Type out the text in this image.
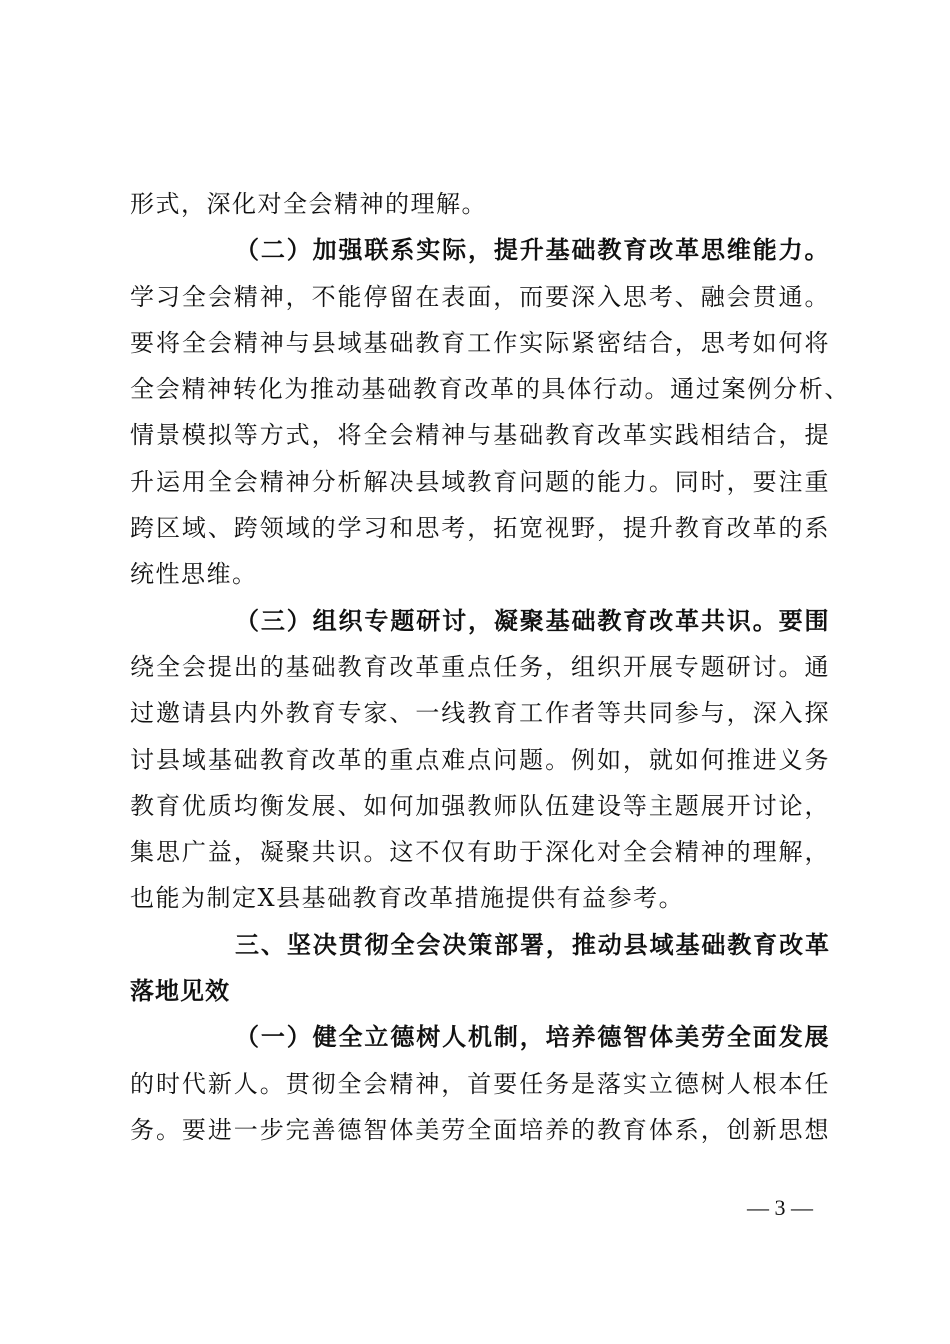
形式，深化对全会精神的理解。
（二）加强联系实际，提升基础教育改革思维能力。
学习全会精神，不能停留在表面，而要深入思考、融会贯通。
要将全会精神与县域基础教育工作实际紧密结合，思考如何将
全会精神转化为推动基础教育改革的具体行动。通过案例分析、
情景模拟等方式，将全会精神与基础教育改革实践相结合，提
升运用全会精神分析解决县域教育问题的能力。同时，要注重
跨区域、跨领域的学习和思考，拓宽视野，提升教育改革的系
统性思维。
（三）组织专题研讨，凝聚基础教育改革共识。要围
绕全会提出的基础教育改革重点任务，组织开展专题研讨。通
过邀请县内外教育专家、一线教育工作者等共同参与，深入探
讨县域基础教育改革的重点难点问题。例如，就如何推进义务
教育优质均衡发展、如何加强教师队伍建设等主题展开讨论，
集思广益，凝聚共识。这不仅有助于深化对全会精神的理解，
也能为制定X县基础教育改革措施提供有益参考。
三、坚决贯彻全会决策部署，推动县域基础教育改革
落地见效
（一）健全立德树人机制，培养德智体美劳全面发展
的时代新人。贯彻全会精神，首要任务是落实立德树人根本任
务。要进一步完善德智体美劳全面培养的教育体系，创新思想
— 3 —
